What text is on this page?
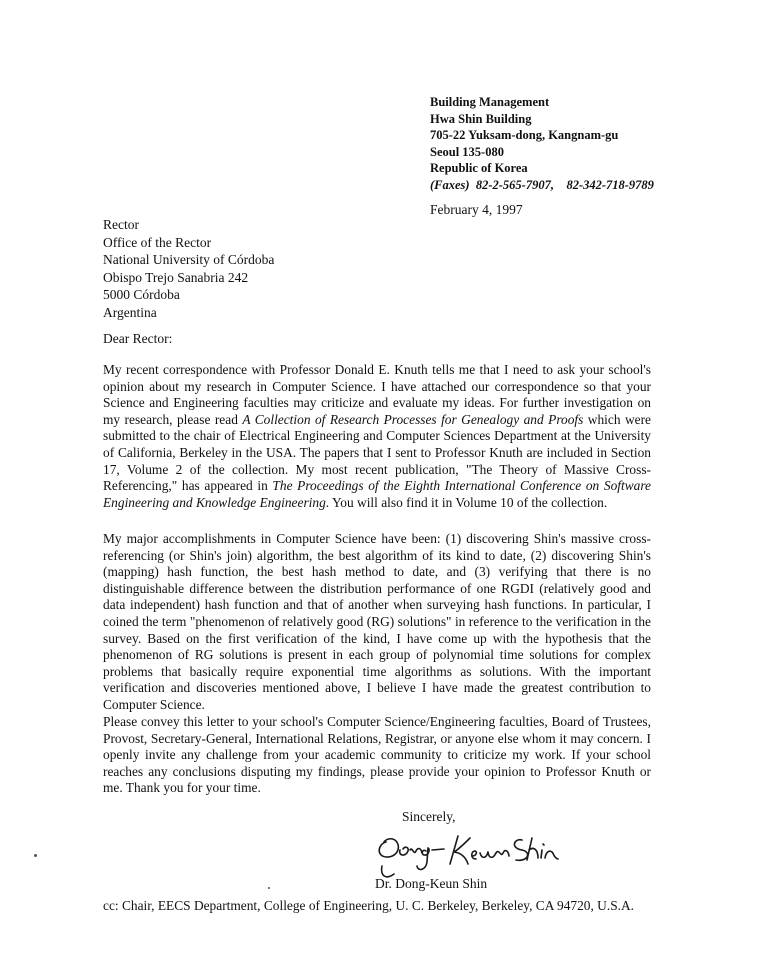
Building Management
Hwa Shin Building
705-22 Yuksam-dong, Kangnam-gu
Seoul 135-080
Republic of Korea
(Faxes) 82-2-565-7907,    82-342-718-9789
February 4, 1997
Rector
Office of the Rector
National University of Córdoba
Obispo Trejo Sanabria 242
5000 Córdoba
Argentina
Dear Rector:

My recent correspondence with Professor Donald E. Knuth tells me that I need to ask your school's opinion about my research in Computer Science. I have attached our correspondence so that your Science and Engineering faculties may criticize and evaluate my ideas. For further investigation on my research, please read A Collection of Research Processes for Genealogy and Proofs which were submitted to the chair of Electrical Engineering and Computer Sciences Department at the University of California, Berkeley in the USA. The papers that I sent to Professor Knuth are included in Section 17, Volume 2 of the collection. My most recent publication, "The Theory of Massive Cross-Referencing," has appeared in The Proceedings of the Eighth International Conference on Software Engineering and Knowledge Engineering. You will also find it in Volume 10 of the collection.

My major accomplishments in Computer Science have been: (1) discovering Shin's massive cross-referencing (or Shin's join) algorithm, the best algorithm of its kind to date, (2) discovering Shin's (mapping) hash function, the best hash method to date, and (3) verifying that there is no distinguishable difference between the distribution performance of one RGDI (relatively good and data independent) hash function and that of another when surveying hash functions. In particular, I coined the term "phenomenon of relatively good (RG) solutions" in reference to the verification in the survey. Based on the first verification of the kind, I have come up with the hypothesis that the phenomenon of RG solutions is present in each group of polynomial time solutions for complex problems that basically require exponential time algorithms as solutions. With the important verification and discoveries mentioned above, I believe I have made the greatest contribution to Computer Science.

Please convey this letter to your school's Computer Science/Engineering faculties, Board of Trustees, Provost, Secretary-General, International Relations, Registrar, or anyone else whom it may concern. I openly invite any challenge from your academic community to criticize my work. If your school reaches any conclusions disputing my findings, please provide your opinion to Professor Knuth or me. Thank you for your time.

Sincerely,
Dr. Dong-Keun Shin
cc: Chair, EECS Department, College of Engineering, U. C. Berkeley, Berkeley, CA 94720, U.S.A.
